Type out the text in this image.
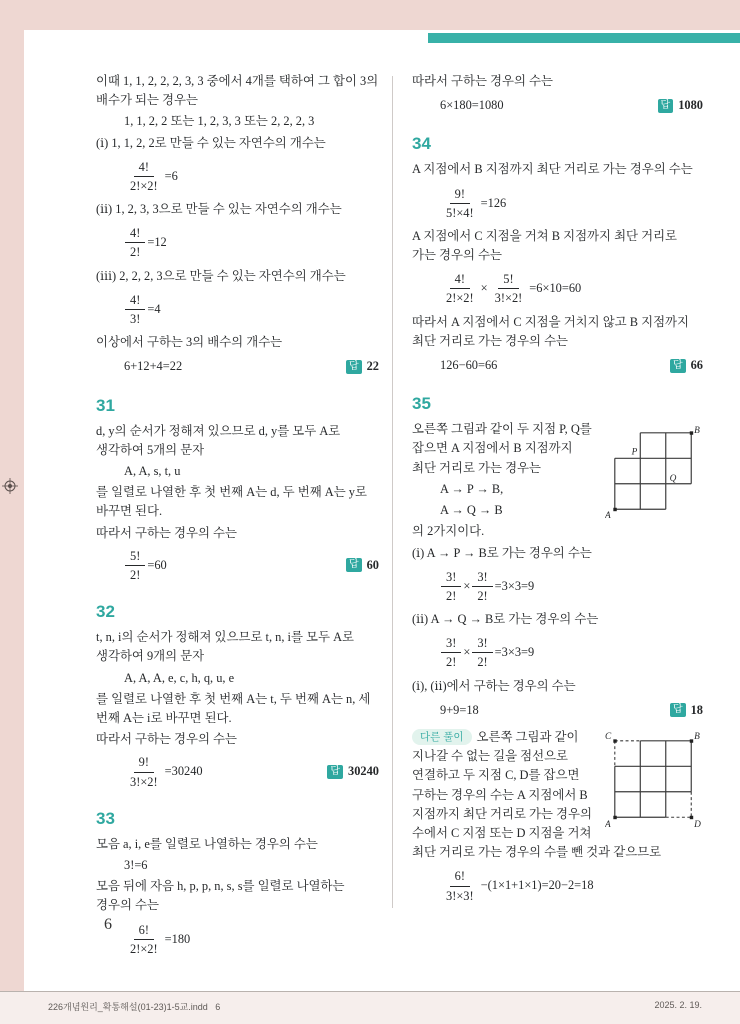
이때 1, 1, 2, 2, 2, 3, 3 중에서 4개를 택하여 그 합이 3의 배수가 되는 경우는

1, 1, 2, 2 또는 1, 2, 3, 3 또는 2, 2, 2, 3

(ⅰ) 1, 1, 2, 2로 만들 수 있는 자연수의 개수는

$\frac{4!}{2!\times 2!} =6$

(ⅱ) 1, 2, 3, 3으로 만들 수 있는 자연수의 개수는

$\frac{4!}{2!} =12$

(ⅲ) 2, 2, 2, 3으로 만들 수 있는 자연수의 개수는

$\frac{4!}{3!} =4$

이상에서 구하는 3의 배수의 개수는

6+12+4=22	답 22
31

d, y의 순서가 정해져 있으므로 d, y를 모두 A로 생각하여 5개의 문자

A, A, s, t, u

를 일렬로 나열한 후 첫 번째 A는 d, 두 번째 A는 y로 바꾸면 된다.

따라서 구하는 경우의 수는

$\frac{5!}{2!} =60$	답 60
32

t, n, i의 순서가 정해져 있으므로 t, n, i를 모두 A로 생각하여 9개의 문자

A, A, A, e, c, h, q, u, e

를 일렬로 나열한 후 첫 번째 A는 t, 두 번째 A는 n, 세 번째 A는 i로 바꾸면 된다.

따라서 구하는 경우의 수는

$\frac{9!}{3!\times 2!} =30240$	답 30240
33

모음 a, i, e를 일렬로 나열하는 경우의 수는

3!=6

모음 뒤에 자음 h, p, p, n, s, s를 일렬로 나열하는 경우의 수는

$\frac{6!}{2!\times 2!} =180$

따라서 구하는 경우의 수는

6×180=1080	답 1080
34

A 지점에서 B 지점까지 최단 거리로 가는 경우의 수는

$\frac{9!}{5!\times 4!} =126$

A 지점에서 C 지점을 거쳐 B 지점까지 최단 거리로 가는 경우의 수는

$\frac{4!}{2!\times 2!} \times \frac{5!}{3!\times 2!} =6\times 10=60$

따라서 A 지점에서 C 지점을 거치지 않고 B 지점까지 최단 거리로 가는 경우의 수는

126−60=66	답 66
35
B
P
Q
A

오른쪽 그림과 같이 두 지점 P, Q를 잡으면 A 지점에서 B 지점까지 최단 거리로 가는 경우는

A → P → B,

A → Q → B

의 2가지이다.

(ⅰ) A → P → B로 가는 경우의 수는

$\frac{3!}{2!} \times \frac{3!}{2!} =3\times 3=9$

(ⅱ) A → Q → B로 가는 경우의 수는

$\frac{3!}{2!} \times \frac{3!}{2!} =3\times 3=9$

(ⅰ), (ⅱ)에서 구하는 경우의 수는

9+9=18	답 18
C	B
A	D

다른 풀이 오른쪽 그림과 같이 지나갈 수 없는 길을 점선으로 연결하고 두 지점 C, D를 잡으면 구하는 경우의 수는 A 지점에서 B 지점까지 최단 거리로 가는 경우의 수에서 C 지점 또는 D 지점을 거쳐 최단 거리로 가는 경우의 수를 뺀 것과 같으므로

$\frac{6!}{3!\times 3!} -(1\times 1+1\times 1)=20-2=18$
6
226개념원리_확통해설(01-23)1-5교.indd   6	2025. 2. 19.
